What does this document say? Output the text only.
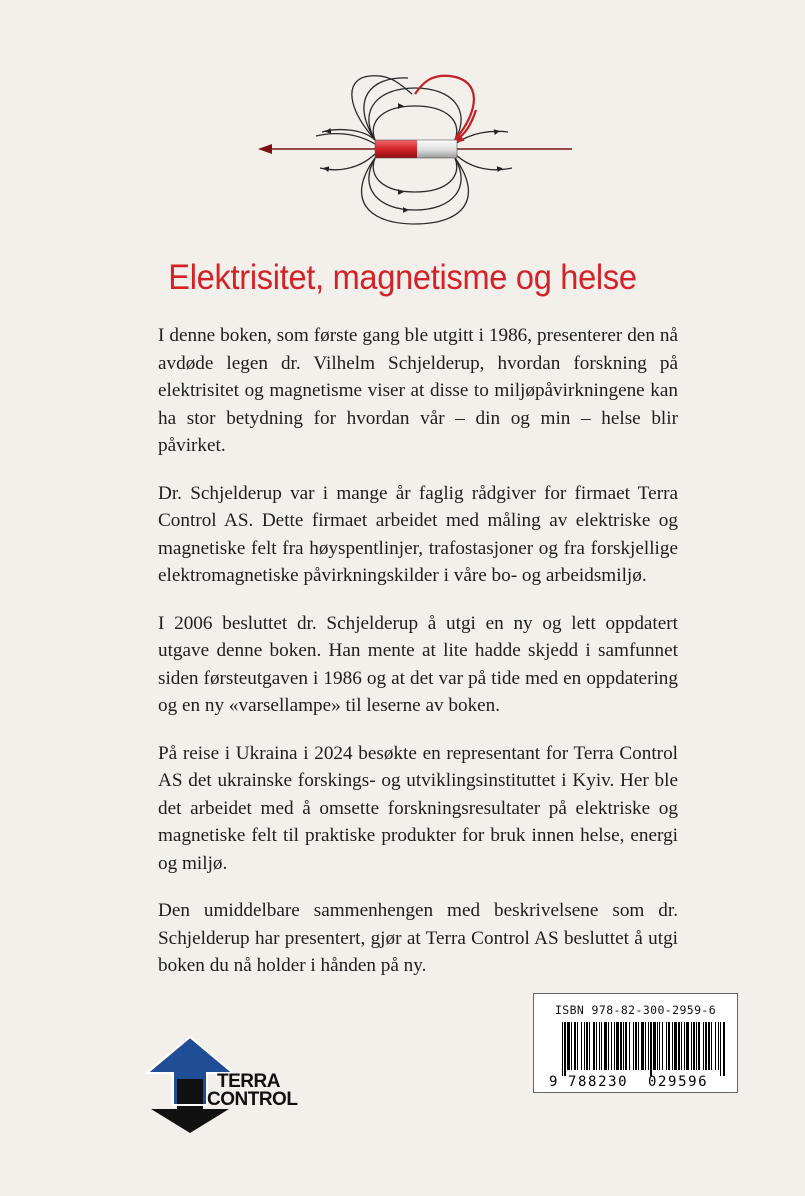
Elektrisitet, magnetisme og helse

I denne boken, som første gang ble utgitt i 1986, presenterer den nå avdøde legen dr. Vilhelm Schjelderup, hvordan forskning på elektrisitet og magnetisme viser at disse to miljøpåvirkningene kan ha stor betydning for hvordan vår – din og min – helse blir påvirket.

Dr. Schjelderup var i mange år faglig rådgiver for firmaet Terra Control AS. Dette firmaet arbeidet med måling av elektriske og magnetiske felt fra høyspentlinjer, trafostasjoner og fra forskjellige elektromagnetiske påvirkningskilder i våre bo- og arbeidsmiljø.

I 2006 besluttet dr. Schjelderup å utgi en ny og lett oppdatert utgave denne boken. Han mente at lite hadde skjedd i samfunnet siden førsteutgaven i 1986 og at det var på tide med en oppdatering og en ny «varsellampe» til leserne av boken.

På reise i Ukraina i 2024 besøkte en representant for Terra Control AS det ukrainske forskings- og utviklingsinstituttet i Kyiv. Her ble det arbeidet med å omsette forskningsresultater på elektriske og magnetiske felt til praktiske produkter for bruk innen helse, energi og miljø.

Den umiddelbare sammenhengen med beskrivelsene som dr. Schjelderup har presentert, gjør at Terra Control AS besluttet å utgi boken du nå holder i hånden på ny.

TERRA
CONTROL
ISBN 978-82-300-2959-6
9 788230 029596
